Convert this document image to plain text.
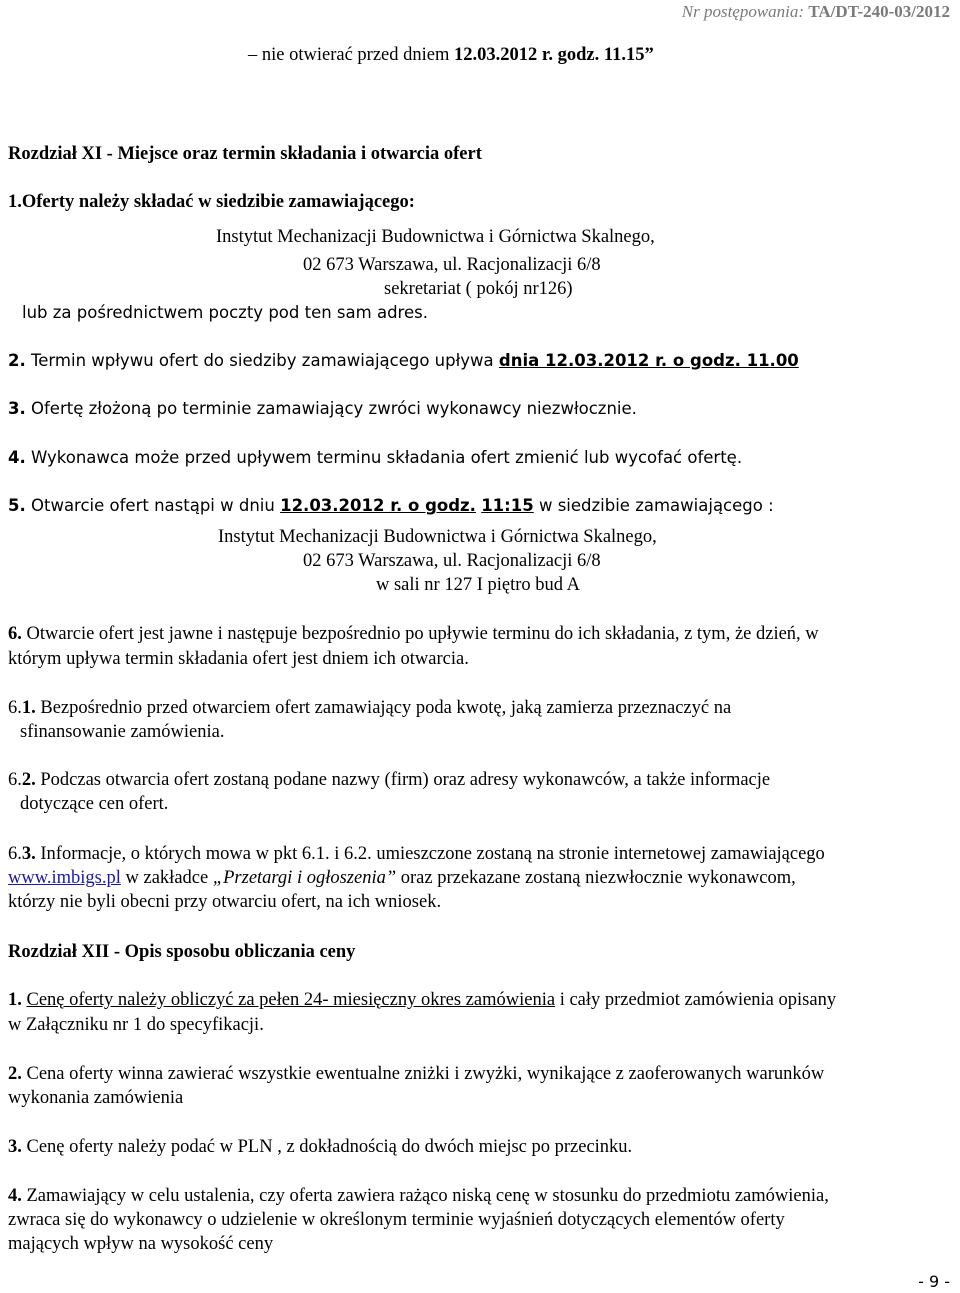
Nr postępowania: TA/DT-240-03/2012
– nie otwierać przed dniem 12.03.2012 r. godz. 11.15”
Rozdział XI - Miejsce oraz termin składania i otwarcia ofert
1.Oferty należy składać w siedzibie zamawiającego:
Instytut Mechanizacji Budownictwa i Górnictwa Skalnego,
02 673 Warszawa, ul. Racjonalizacji 6/8
sekretariat ( pokój nr126)
lub za pośrednictwem poczty pod ten sam adres.
2. Termin wpływu ofert do siedziby zamawiającego upływa dnia 12.03.2012 r. o godz. 11.00
3. Ofertę złożoną po terminie zamawiający zwróci wykonawcy niezwłocznie.
4. Wykonawca może przed upływem terminu składania ofert zmienić lub wycofać ofertę.
5. Otwarcie ofert nastąpi w dniu 12.03.2012 r. o godz. 11:15 w siedzibie zamawiającego :
Instytut Mechanizacji Budownictwa i Górnictwa Skalnego,
02 673 Warszawa, ul. Racjonalizacji 6/8
w sali nr 127 I piętro bud A
6. Otwarcie ofert jest jawne i następuje bezpośrednio po upływie terminu do ich składania, z tym, że dzień, w
którym upływa termin składania ofert jest dniem ich otwarcia.
6.1. Bezpośrednio przed otwarciem ofert zamawiający poda kwotę, jaką zamierza przeznaczyć na
sfinansowanie zamówienia.
6.2. Podczas otwarcia ofert zostaną podane nazwy (firm) oraz adresy wykonawców, a także informacje
dotyczące cen ofert.
6.3. Informacje, o których mowa w pkt 6.1. i 6.2. umieszczone zostaną na stronie internetowej zamawiającego
www.imbigs.pl w zakładce „Przetargi i ogłoszenia” oraz przekazane zostaną niezwłocznie wykonawcom,
którzy nie byli obecni przy otwarciu ofert, na ich wniosek.
Rozdział XII - Opis sposobu obliczania ceny
1. Cenę oferty należy obliczyć za pełen 24- miesięczny okres zamówienia i cały przedmiot zamówienia opisany
w Załączniku nr 1 do specyfikacji.
2. Cena oferty winna zawierać wszystkie ewentualne zniżki i zwyżki, wynikające z zaoferowanych warunków
wykonania zamówienia
3. Cenę oferty należy podać w PLN , z dokładnością do dwóch miejsc po przecinku.
4. Zamawiający w celu ustalenia, czy oferta zawiera rażąco niską cenę w stosunku do przedmiotu zamówienia,
zwraca się do wykonawcy o udzielenie w określonym terminie wyjaśnień dotyczących elementów oferty
mających wpływ na wysokość ceny
- 9 -
